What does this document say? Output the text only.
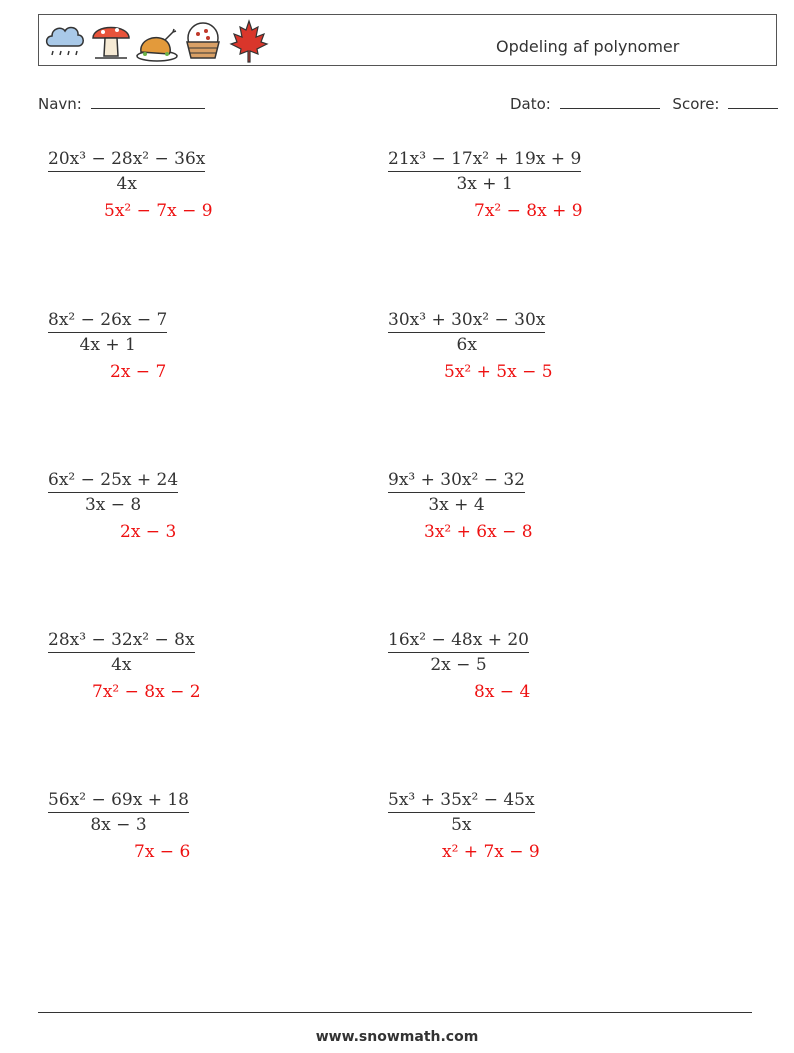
Opdeling af polynomer
Navn:	Dato:	Score:
20x³ − 28x² − 36x
4x
5x² − 7x − 9
21x³ − 17x² + 19x + 9
3x + 1
7x² − 8x + 9
8x² − 26x − 7
4x + 1
2x − 7
30x³ + 30x² − 30x
6x
5x² + 5x − 5
6x² − 25x + 24
3x − 8
2x − 3
9x³ + 30x² − 32
3x + 4
3x² + 6x − 8
28x³ − 32x² − 8x
4x
7x² − 8x − 2
16x² − 48x + 20
2x − 5
8x − 4
56x² − 69x + 18
8x − 3
7x − 6
5x³ + 35x² − 45x
5x
x² + 7x − 9
www.snowmath.com
